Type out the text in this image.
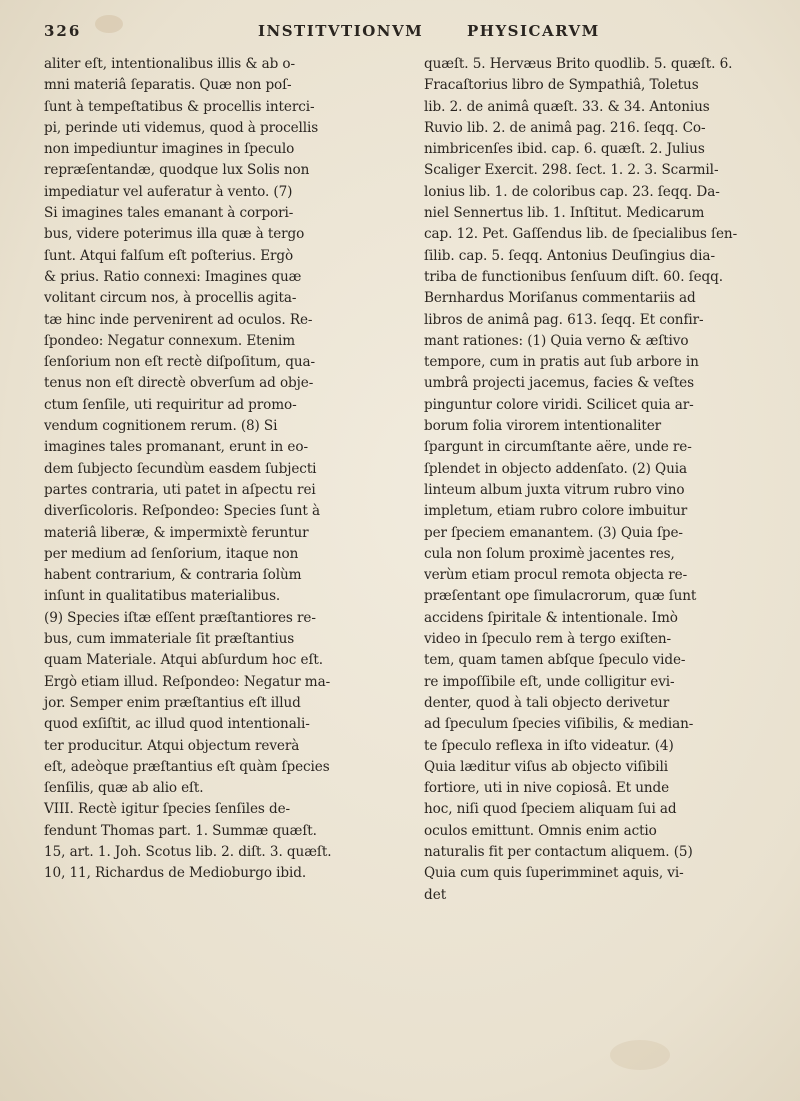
326	INSTITVTIONVM	PHYSICARVM
aliter eſt, intentionalibus illis & ab o-
mni materiâ ſeparatis. Quæ non poſ-
ſunt à tempeſtatibus & procellis interci-
pi, perinde uti videmus, quod à procellis
non impediuntur imagines in ſpeculo
repræſentandæ, quodque lux Solis non
impediatur vel auferatur à vento. (7)
Si imagines tales emanant à corpori-
bus, videre poterimus illa quæ à tergo
ſunt. Atqui falſum eſt poſterius. Ergò
& prius. Ratio connexi: Imagines quæ
volitant circum nos, à procellis agita-
tæ hinc inde pervenirent ad oculos. Re-
ſpondeo: Negatur connexum. Etenim
ſenſorium non eſt rectè diſpoſitum, qua-
tenus non eſt directè obverſum ad obje-
ctum ſenſile, uti requiritur ad promo-
vendum cognitionem rerum. (8) Si
imagines tales promanant, erunt in eo-
dem ſubjecto ſecundùm easdem ſubjecti
partes contraria, uti patet in aſpectu rei
diverſicoloris. Reſpondeo: Species ſunt à
materiâ liberæ, & impermixtè feruntur
per medium ad ſenſorium, itaque non
habent contrarium, & contraria ſolùm
inſunt in qualitatibus materialibus.
(9) Species iſtæ eſſent præſtantiores re-
bus, cum immateriale ſit præſtantius
quam Materiale. Atqui abſurdum hoc eſt.
Ergò etiam illud. Reſpondeo: Negatur ma-
jor. Semper enim præſtantius eſt illud
quod exſiſtit, ac illud quod intentionali-
ter producitur. Atqui objectum reverà
eſt, adeòque præſtantius eſt quàm ſpecies
ſenſilis, quæ ab alio eſt.
VIII. Rectè igitur ſpecies ſenſiles de-
fendunt Thomas part. 1. Summæ quæſt.
15, art. 1. Joh. Scotus lib. 2. diſt. 3. quæſt.
10, 11, Richardus de Medioburgo ibid.
quæſt. 5. Hervæus Brito quodlib. 5. quæſt. 6.
Fracaſtorius libro de Sympathiâ, Toletus
lib. 2. de animâ quæſt. 33. & 34. Antonius
Ruvio lib. 2. de animâ pag. 216. ſeqq. Co-
nimbricenſes ibid. cap. 6. quæſt. 2. Julius
Scaliger Exercit. 298. ſect. 1. 2. 3. Scarmil-
lonius lib. 1. de coloribus cap. 23. ſeqq. Da-
niel Sennertus lib. 1. Inſtitut. Medicarum
cap. 12. Pet. Gaſſendus lib. de ſpecialibus ſen-
ſilib. cap. 5. ſeqq. Antonius Deuſingius dia-
triba de functionibus ſenſuum diſt. 60. ſeqq.
Bernhardus Moriſanus commentariis ad
libros de animâ pag. 613. ſeqq. Et confir-
mant rationes: (1) Quia verno & æſtivo
tempore, cum in pratis aut ſub arbore in
umbrâ projecti jacemus, facies & veſtes
pinguntur colore viridi. Scilicet quia ar-
borum folia virorem intentionaliter
ſpargunt in circumſtante aëre, unde re-
ſplendet in objecto addenſato. (2) Quia
linteum album juxta vitrum rubro vino
impletum, etiam rubro colore imbuitur
per ſpeciem emanantem. (3) Quia ſpe-
cula non ſolum proximè jacentes res,
verùm etiam procul remota objecta re-
præſentant ope ſimulacrorum, quæ ſunt
accidens ſpiritale & intentionale. Imò
video in ſpeculo rem à tergo exiſten-
tem, quam tamen abſque ſpeculo vide-
re impoſſibile eſt, unde colligitur evi-
denter, quod à tali objecto derivetur
ad ſpeculum ſpecies viſibilis, & median-
te ſpeculo reflexa in iſto videatur. (4)
Quia læditur viſus ab objecto viſibili
fortiore, uti in nive copiosâ. Et unde
hoc, niſi quod ſpeciem aliquam ſui ad
oculos emittunt. Omnis enim actio
naturalis fit per contactum aliquem. (5)
Quia cum quis ſuperimminet aquis, vi-
det
